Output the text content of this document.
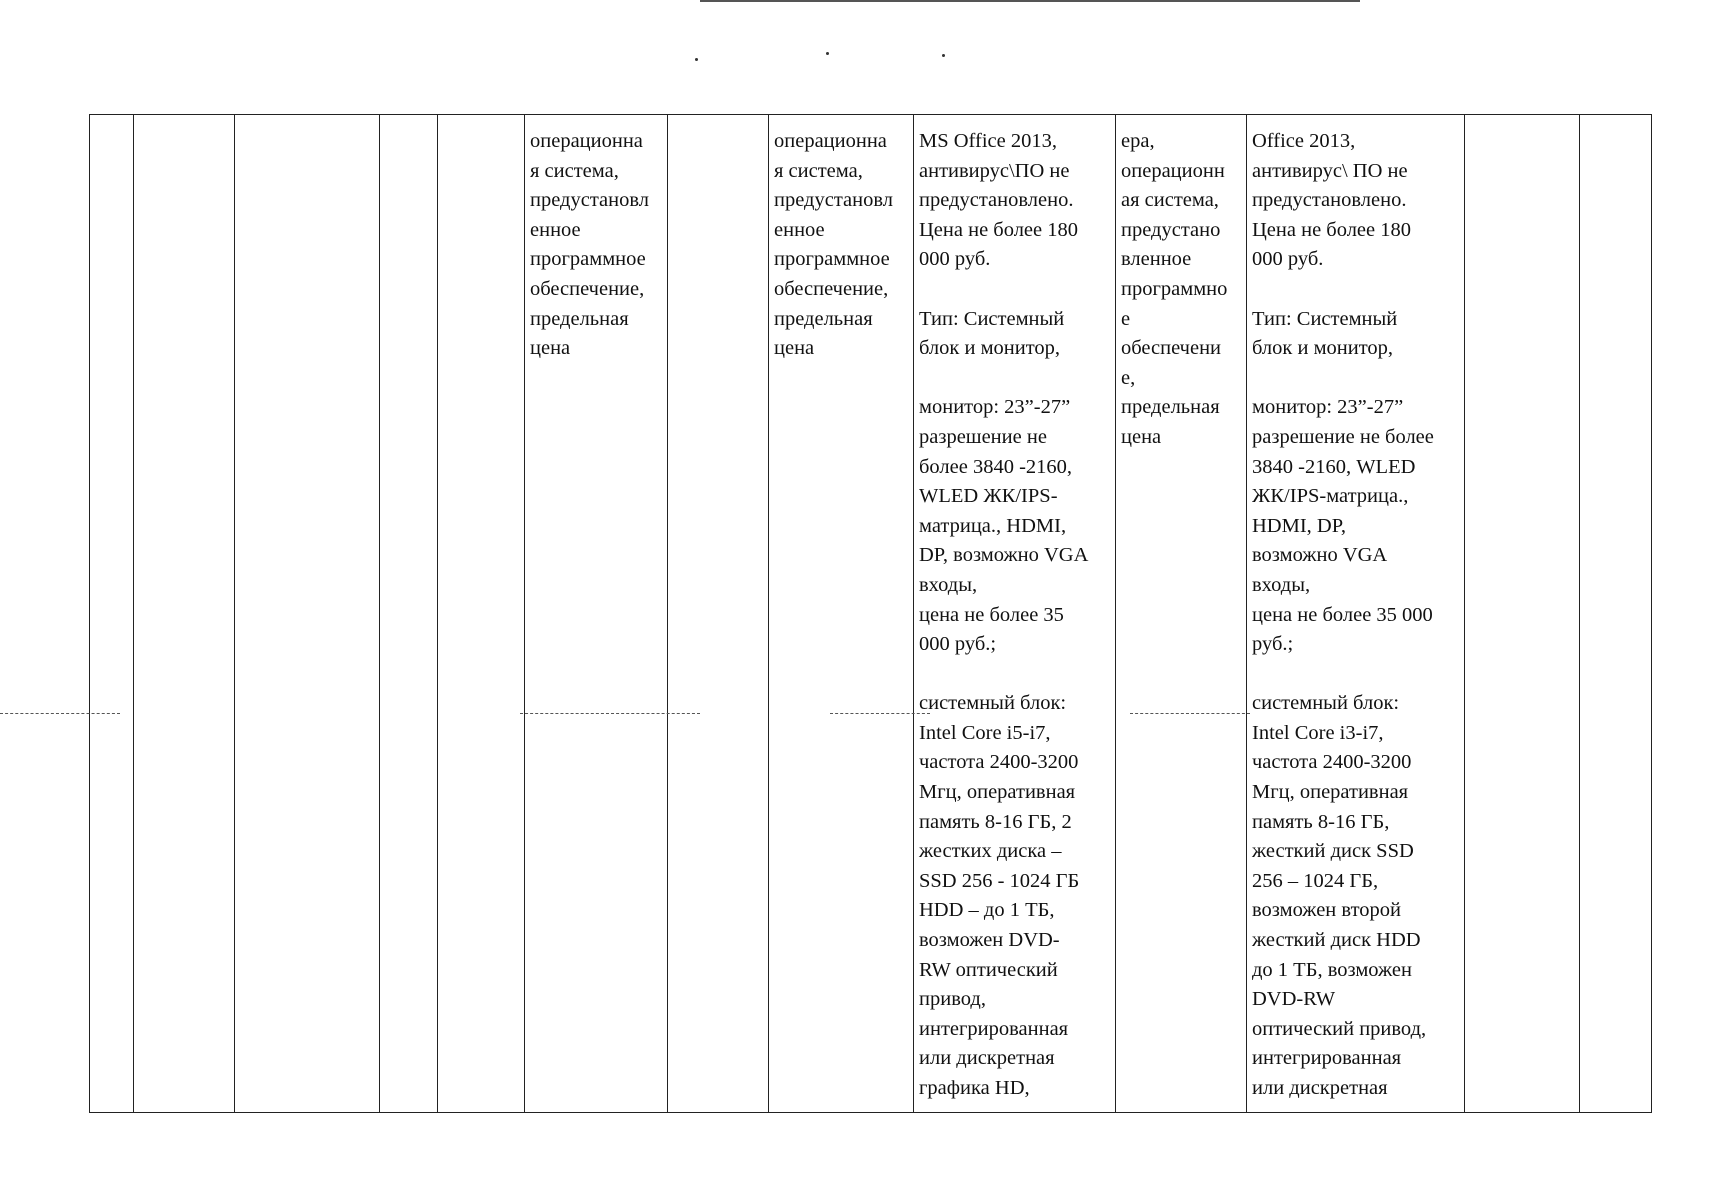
					операционна
я система,
предустановл
енное
программное
обеспечение,
предельная
цена		операционна
я система,
предустановл
енное
программное
обеспечение,
предельная
цена	MS Office 2013,
антивирус\ПО не
предустановлено.
Цена не более 180
000 руб.

Тип: Системный
блок и монитор,

монитор: 23”-27”
разрешение не
более 3840 -2160,
WLED ЖК/IPS-
матрица., HDMI,
DP, возможно VGA
входы,
цена не более 35
000 руб.;

системный блок:
Intel Core i5-i7,
частота 2400-3200
Мгц, оперативная
память 8-16 ГБ, 2
жестких диска –
SSD 256 - 1024 ГБ
HDD – до 1 ТБ,
возможен DVD-
RW оптический
привод,
интегрированная
или дискретная
графика HD,	ера,
операционн
ая система,
предустано
вленное
программно
е
обеспечени
е,
предельная
цена	Office 2013,
антивирус\ ПО не
предустановлено.
Цена не более 180
000 руб.

Тип: Системный
блок и монитор,

монитор: 23”-27”
разрешение не более
3840 -2160, WLED
ЖК/IPS-матрица.,
HDMI, DP,
возможно VGA
входы,
цена не более 35 000
руб.;

системный блок:
Intel Core i3-i7,
частота 2400-3200
Мгц, оперативная
память 8-16 ГБ,
жесткий диск SSD
256 – 1024 ГБ,
возможен второй
жесткий диск HDD
до 1 ТБ, возможен
DVD-RW
оптический привод,
интегрированная
или дискретная		
